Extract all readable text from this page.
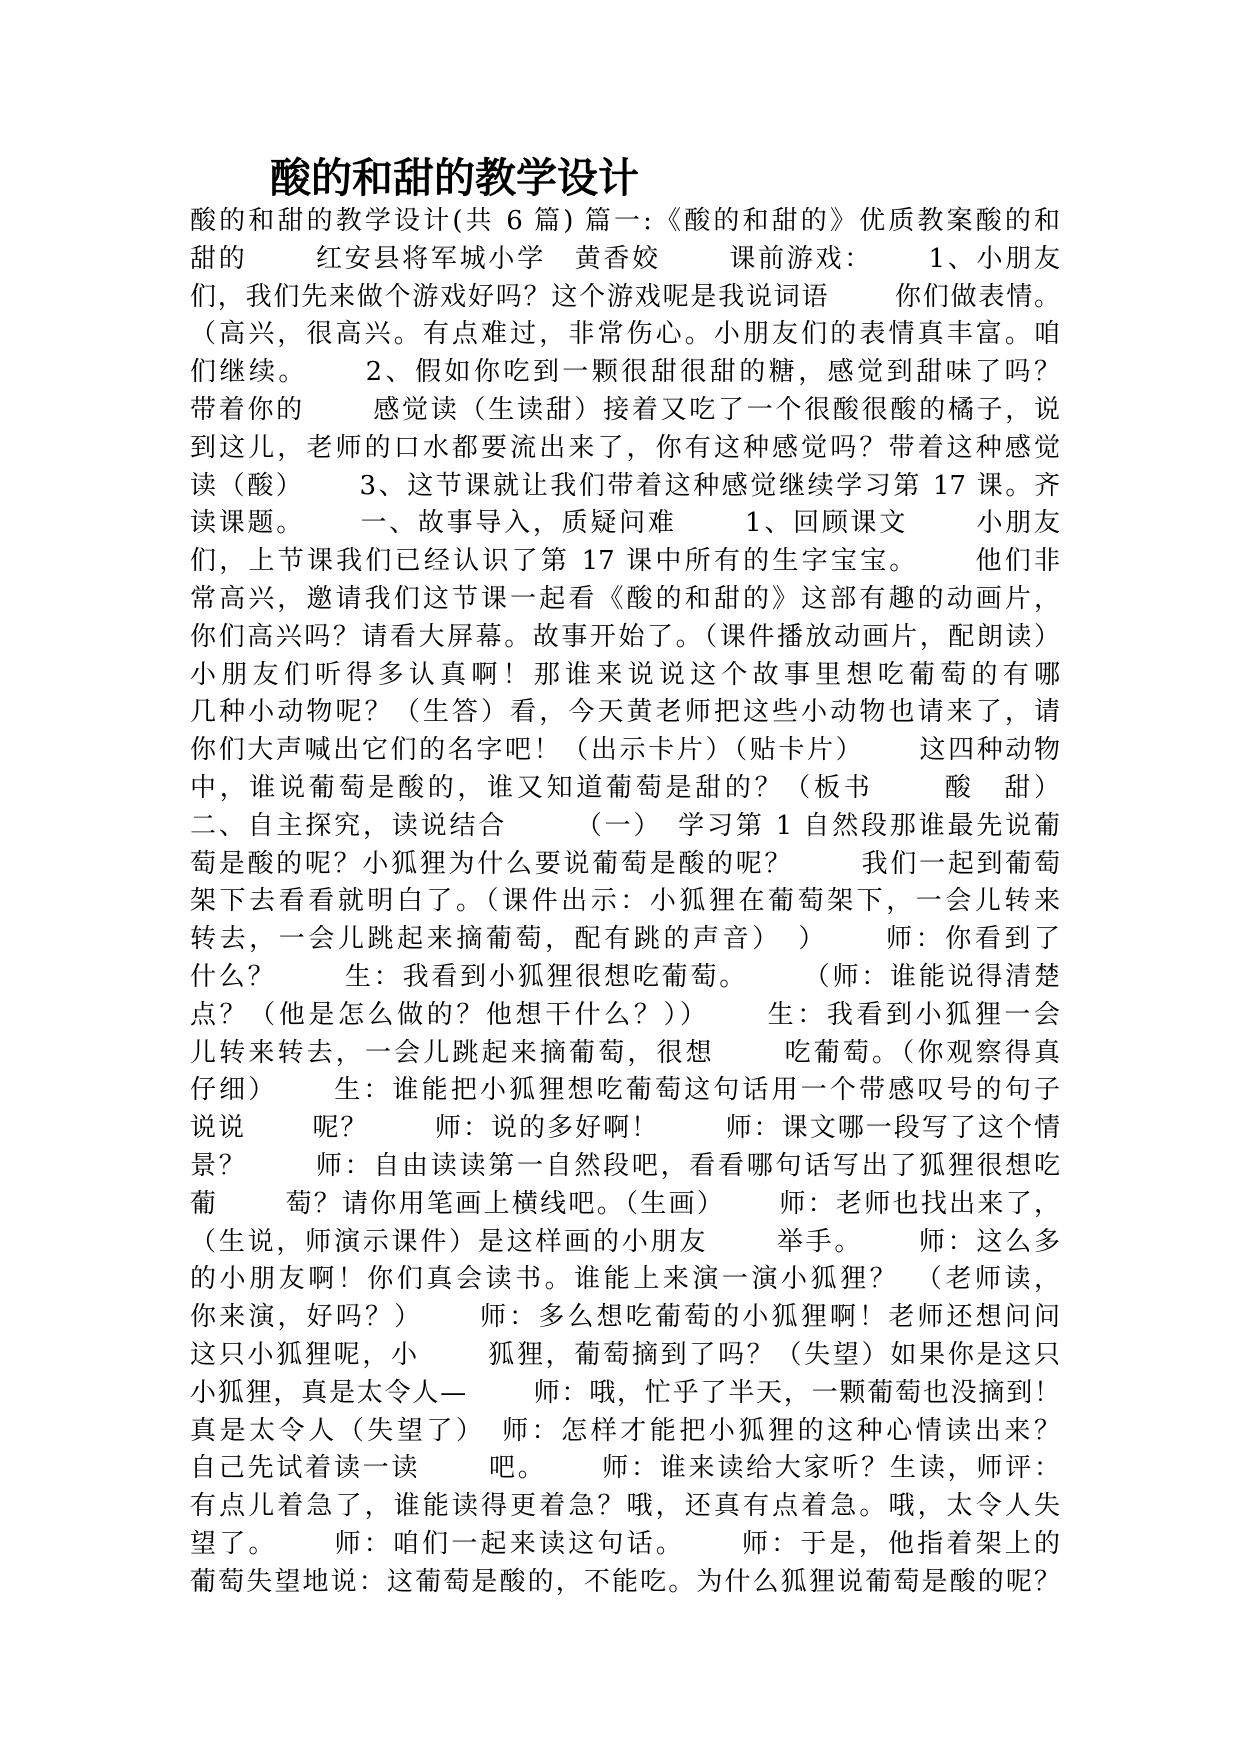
酸的和甜的教学设计
酸的和甜的教学设计(共 6 篇) 篇一:《酸的和甜的》优质教案酸的和
甜的　　 红安县将军城小学　黄香姣　　 课前游戏：　　 1、小朋友
们，我们先来做个游戏好吗？这个游戏呢是我说词语　　 你们做表情。
（高兴，很高兴。有点难过，非常伤心。小朋友们的表情真丰富。咱
们继续。　　 2、假如你吃到一颗很甜很甜的糖，感觉到甜味了吗？
带着你的　　 感觉读（生读甜）接着又吃了一个很酸很酸的橘子，说
到这儿，老师的口水都要流出来了，你有这种感觉吗？带着这种感觉
读（酸）　　 3、这节课就让我们带着这种感觉继续学习第 17 课。齐
读课题。　　 一、故事导入，质疑问难　　 1、回顾课文　　 小朋友
们，上节课我们已经认识了第 17 课中所有的生字宝宝。　　 他们非
常高兴，邀请我们这节课一起看《酸的和甜的》这部有趣的动画片，
你们高兴吗？请看大屏幕。故事开始了。（课件播放动画片，配朗读）
小朋友们听得多认真啊！那谁来说说这个故事里想吃葡萄的有哪
几种小动物呢？（生答）看，今天黄老师把这些小动物也请来了，请
你们大声喊出它们的名字吧！（出示卡片）（贴卡片）　　 这四种动物
中，谁说葡萄是酸的，谁又知道葡萄是甜的？（板书　　 酸　甜）
二、自主探究，读说结合　　 （一）　学习第 1 自然段那谁最先说葡
萄是酸的呢？小狐狸为什么要说葡萄是酸的呢？　　 我们一起到葡萄
架下去看看就明白了。（课件出示：小狐狸在葡萄架下，一会儿转来
转去，一会儿跳起来摘葡萄，配有跳的声音）　）　　 师：你看到了
什么？　　 生：我看到小狐狸很想吃葡萄。　　 （师：谁能说得清楚
点？（他是怎么做的？他想干什么？））　　 生：我看到小狐狸一会
儿转来转去，一会儿跳起来摘葡萄，很想　　 吃葡萄。（你观察得真
仔细）　　 生：谁能把小狐狸想吃葡萄这句话用一个带感叹号的句子
说说　　 呢？　　 师：说的多好啊！　　 师：课文哪一段写了这个情
景？　　 师：自由读读第一自然段吧，看看哪句话写出了狐狸很想吃
葡　　 萄？请你用笔画上横线吧。（生画）　　 师：老师也找出来了，
（生说，师演示课件）是这样画的小朋友　　 举手。　　 师：这么多
的小朋友啊！你们真会读书。谁能上来演一演小狐狸？　（老师读，
你来演，好吗？）　　 师：多么想吃葡萄的小狐狸啊！老师还想问问
这只小狐狸呢，小　　 狐狸，葡萄摘到了吗？（失望）如果你是这只
小狐狸，真是太令人—　　 师：哦，忙乎了半天，一颗葡萄也没摘到！
真是太令人（失望了）　师：怎样才能把小狐狸的这种心情读出来？
自己先试着读一读　　 吧。　　 师：谁来读给大家听？生读，师评：
有点儿着急了，谁能读得更着急？哦，还真有点着急。哦，太令人失
望了。　　 师：咱们一起来读这句话。　　 师：于是，他指着架上的
葡萄失望地说：这葡萄是酸的，不能吃。为什么狐狸说葡萄是酸的呢？
